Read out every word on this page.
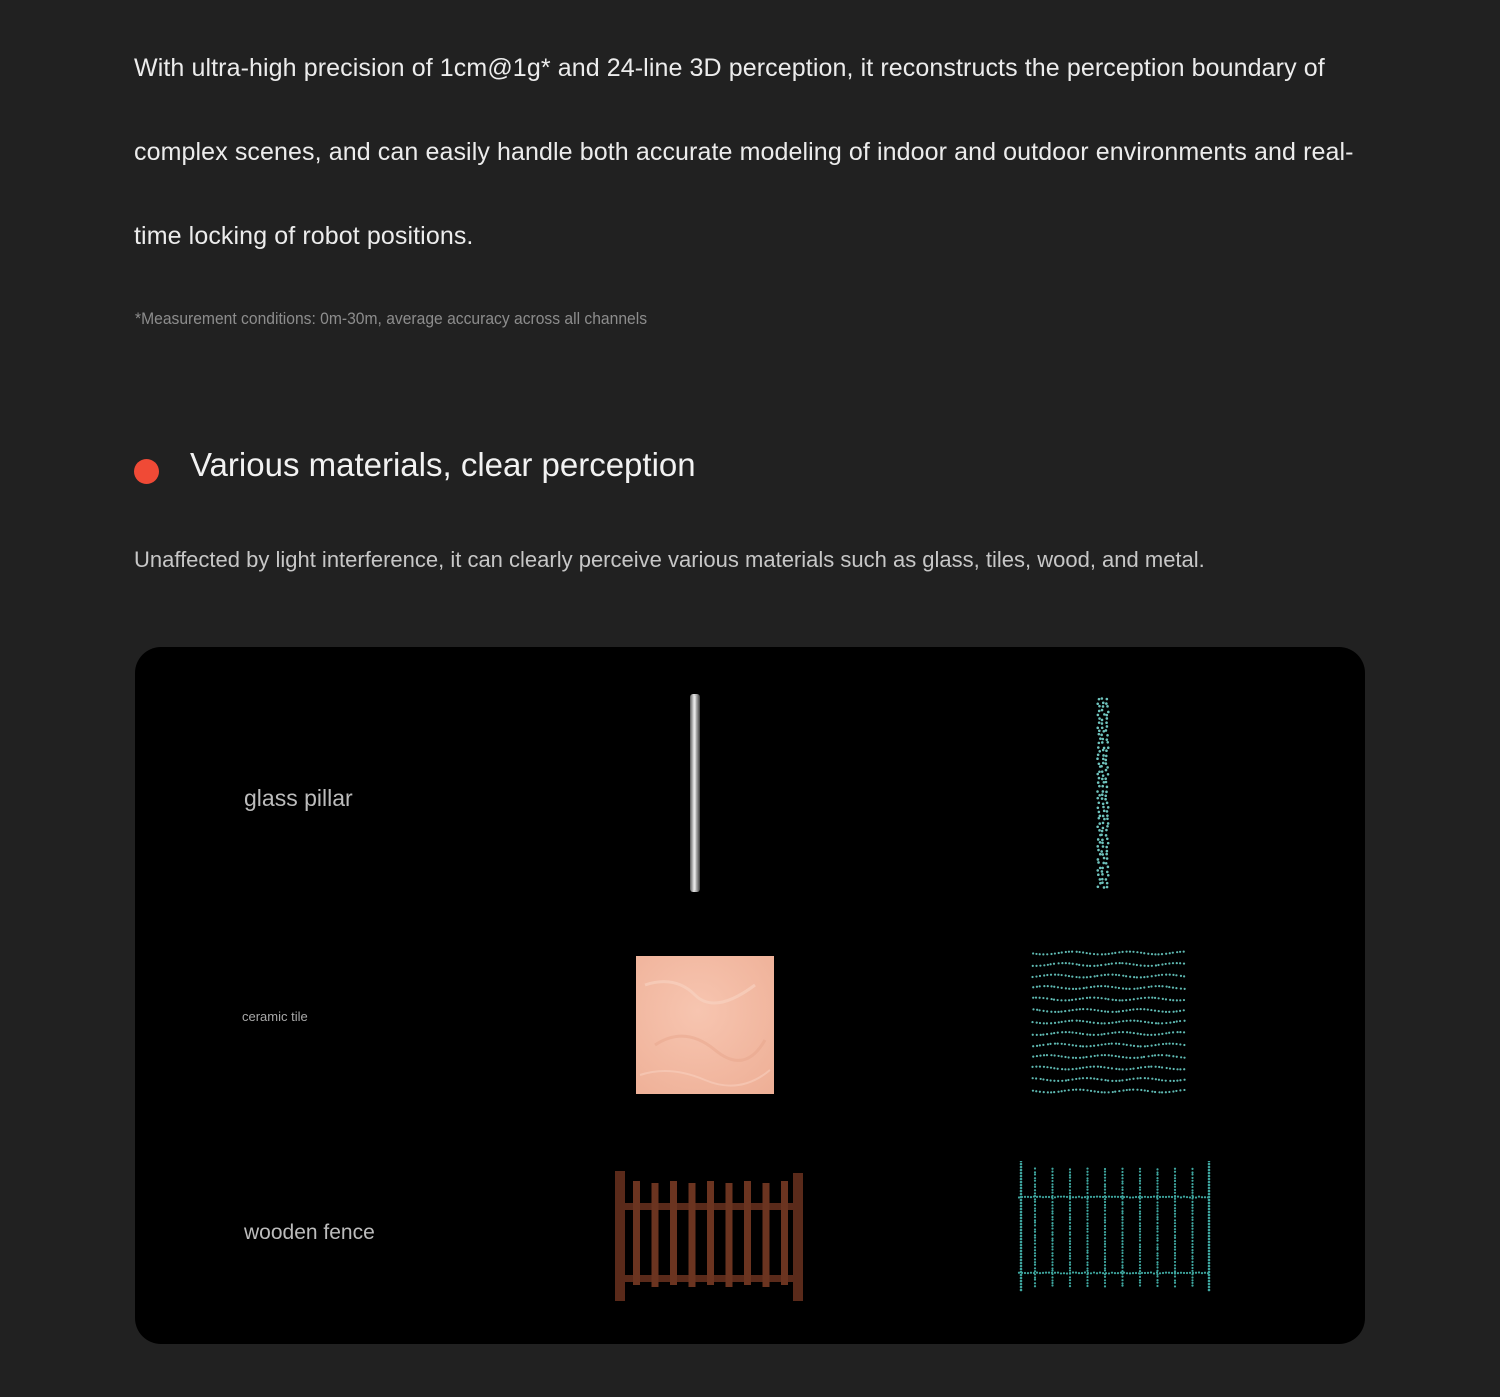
With ultra-high precision of 1cm@1g* and 24-line 3D perception, it reconstructs the perception boundary of complex scenes, and can easily handle both accurate modeling of indoor and outdoor environments and real-time locking of robot positions.
*Measurement conditions: 0m-30m, average accuracy across all channels
Various materials, clear perception
Unaffected by light interference, it can clearly perceive various materials such as glass, tiles, wood, and metal.
glass pillar
ceramic tile
wooden fence
